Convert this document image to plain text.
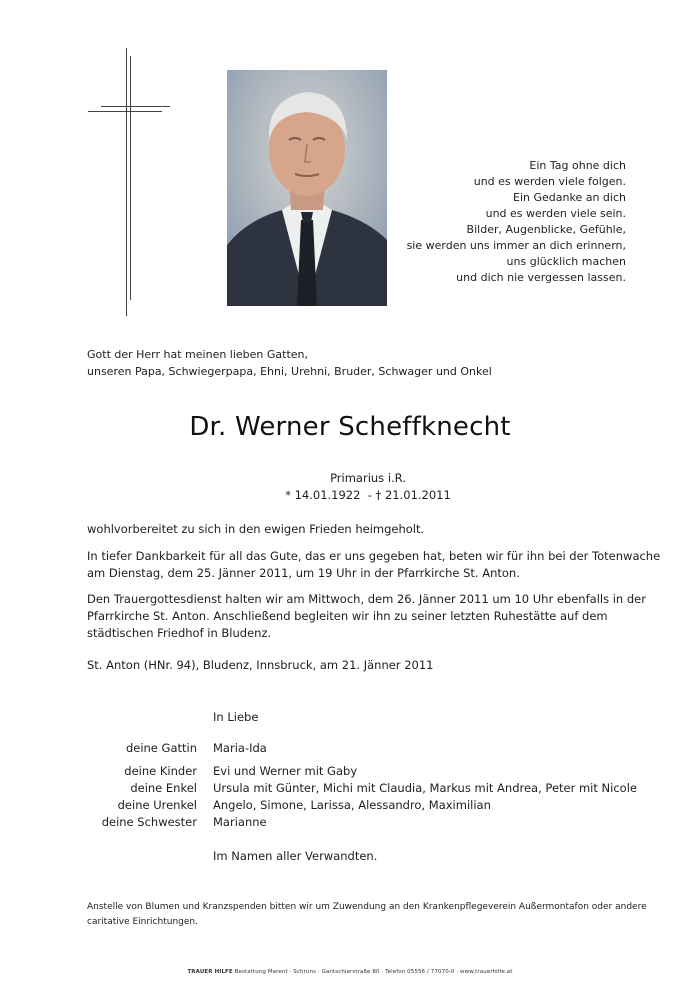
Ein Tag ohne dich
und es werden viele folgen.
Ein Gedanke an dich
und es werden viele sein.
Bilder, Augenblicke, Gefühle,
sie werden uns immer an dich erinnern,
uns glücklich machen
und dich nie vergessen lassen.
Gott der Herr hat meinen lieben Gatten,
unseren Papa, Schwiegerpapa, Ehni, Urehni, Bruder, Schwager und Onkel
Dr. Werner Scheffknecht
Primarius i.R.
* 14.01.1922  - † 21.01.2011
wohlvorbereitet zu sich in den ewigen Frieden heimgeholt.
In tiefer Dankbarkeit für all das Gute, das er uns gegeben hat, beten wir für ihn bei der Totenwache am Dienstag, dem 25. Jänner 2011, um 19 Uhr in der Pfarrkirche St. Anton.
Den Trauergottesdienst halten wir am Mittwoch, dem 26. Jänner 2011 um 10 Uhr ebenfalls in der Pfarrkirche St. Anton. Anschließend begleiten wir ihn zu seiner letzten Ruhestätte auf dem städtischen Friedhof in Bludenz.
St. Anton (HNr. 94), Bludenz, Innsbruck, am 21. Jänner 2011
In Liebe
deine Gattin Maria-Ida
deine Kinder Evi und Werner mit Gaby
deine Enkel Ursula mit Günter, Michi mit Claudia, Markus mit Andrea, Peter mit Nicole
deine Urenkel Angelo, Simone, Larissa, Alessandro, Maximilian
deine Schwester Marianne
Im Namen aller Verwandten.
Anstelle von Blumen und Kranzspenden bitten wir um Zuwendung an den Krankenpflegeverein Außermontafon oder andere caritative Einrichtungen.
TRAUER HILFE Bestattung Marent · Schruns · Gantschierstraße 80 · Telefon 05556 / 77070-0 · www.trauerhilfe.at
